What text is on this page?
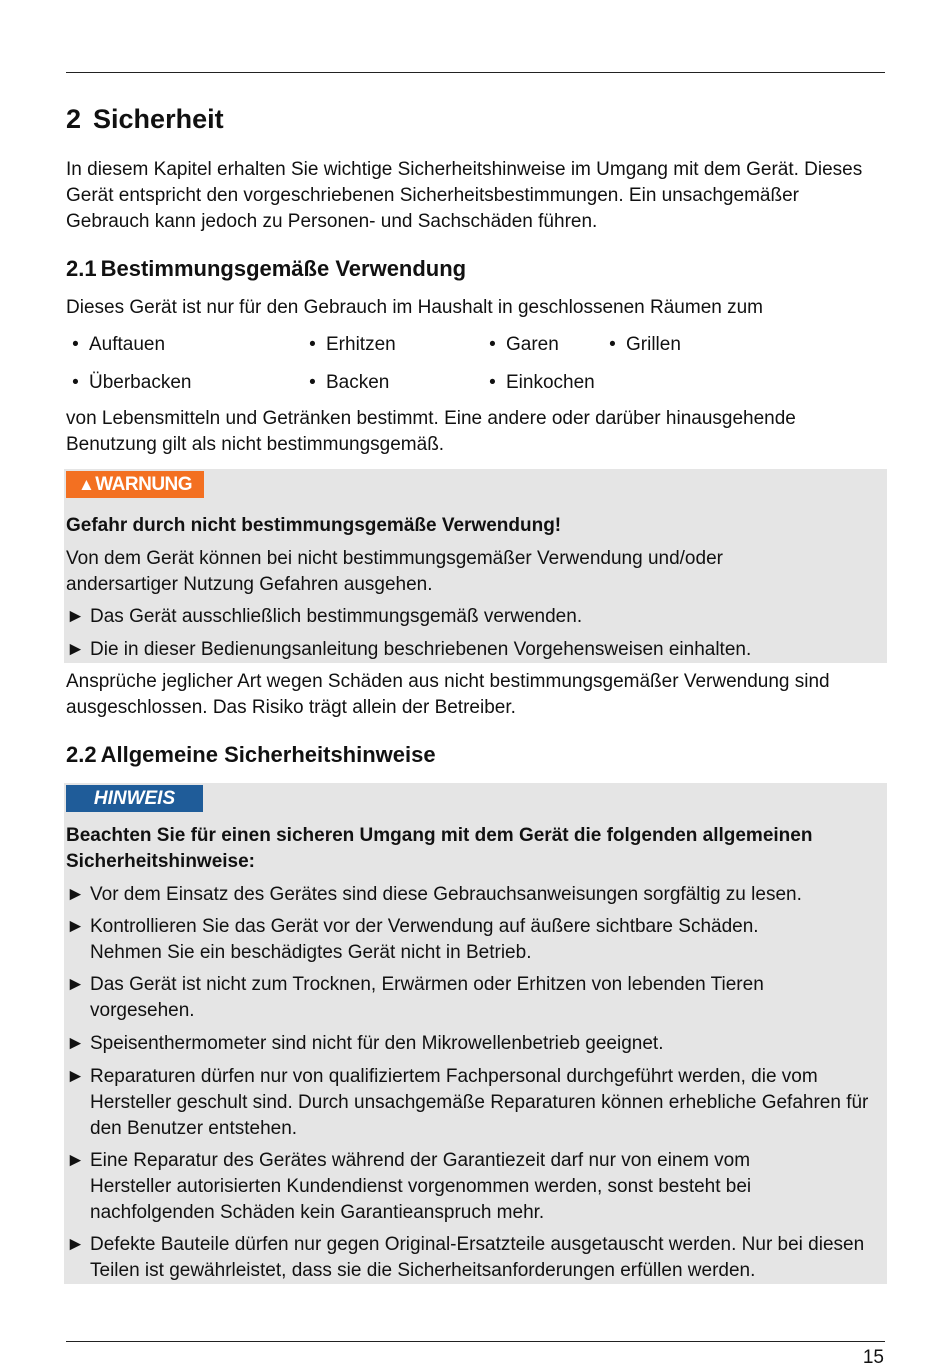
2 Sicherheit
In diesem Kapitel erhalten Sie wichtige Sicherheitshinweise im Umgang mit dem Gerät. Dieses Gerät entspricht den vorgeschriebenen Sicherheitsbestimmungen. Ein unsachgemäßer Gebrauch kann jedoch zu Personen- und Sachschäden führen.
2.1 Bestimmungsgemäße Verwendung
Dieses Gerät ist nur für den Gebrauch im Haushalt in geschlossenen Räumen zum
• Auftauen	• Erhitzen	• Garen	• Grillen
• Überbacken	• Backen	• Einkochen
von Lebensmitteln und Getränken bestimmt. Eine andere oder darüber hinausgehende Benutzung gilt als nicht bestimmungsgemäß.
▲WARNUNG
Gefahr durch nicht bestimmungsgemäße Verwendung!
Von dem Gerät können bei nicht bestimmungsgemäßer Verwendung und/oder andersartiger Nutzung Gefahren ausgehen.
► Das Gerät ausschließlich bestimmungsgemäß verwenden.
► Die in dieser Bedienungsanleitung beschriebenen Vorgehensweisen einhalten.
Ansprüche jeglicher Art wegen Schäden aus nicht bestimmungsgemäßer Verwendung sind ausgeschlossen. Das Risiko trägt allein der Betreiber.
2.2 Allgemeine Sicherheitshinweise
HINWEIS
Beachten Sie für einen sicheren Umgang mit dem Gerät die folgenden allgemeinen Sicherheitshinweise:
► Vor dem Einsatz des Gerätes sind diese Gebrauchsanweisungen sorgfältig zu lesen.
► Kontrollieren Sie das Gerät vor der Verwendung auf äußere sichtbare Schäden. Nehmen Sie ein beschädigtes Gerät nicht in Betrieb.
► Das Gerät ist nicht zum Trocknen, Erwärmen oder Erhitzen von lebenden Tieren vorgesehen.
► Speisenthermometer sind nicht für den Mikrowellenbetrieb geeignet.
► Reparaturen dürfen nur von qualifiziertem Fachpersonal durchgeführt werden, die vom Hersteller geschult sind. Durch unsachgemäße Reparaturen können erhebliche Gefahren für den Benutzer entstehen.
► Eine Reparatur des Gerätes während der Garantiezeit darf nur von einem vom Hersteller autorisierten Kundendienst vorgenommen werden, sonst besteht bei nachfolgenden Schäden kein Garantieanspruch mehr.
► Defekte Bauteile dürfen nur gegen Original-Ersatzteile ausgetauscht werden. Nur bei diesen Teilen ist gewährleistet, dass sie die Sicherheitsanforderungen erfüllen werden.
15
